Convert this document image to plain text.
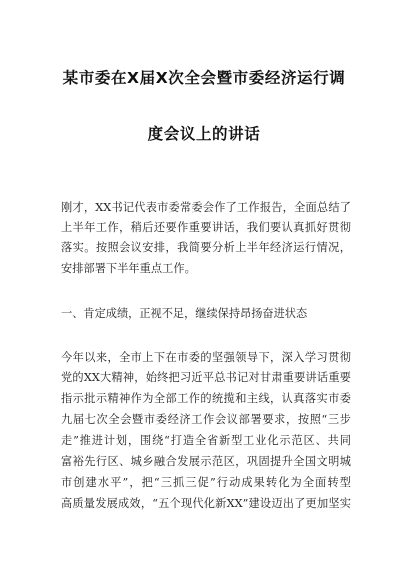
某市委在X届X次全会暨市委经济运行调
度会议上的讲话
刚才，XX书记代表市委常委会作了工作报告，全面总结了
上半年工作，稍后还要作重要讲话，我们要认真抓好贯彻
落实。按照会议安排，我简要分析上半年经济运行情况，
安排部署下半年重点工作。
一、肯定成绩，正视不足，继续保持昂扬奋进状态
今年以来，全市上下在市委的坚强领导下，深入学习贯彻
党的XX大精神，始终把习近平总书记对甘肃重要讲话重要
指示批示精神作为全部工作的统揽和主线，认真落实市委
九届七次全会暨市委经济工作会议部署要求，按照“三步
走”推进计划，围绕“打造全省新型工业化示范区、共同
富裕先行区、城乡融合发展示范区，巩固提升全国文明城
市创建水平”，把“三抓三促”行动成果转化为全面转型
高质量发展成效，“五个现代化新XX”建设迈出了更加坚实
